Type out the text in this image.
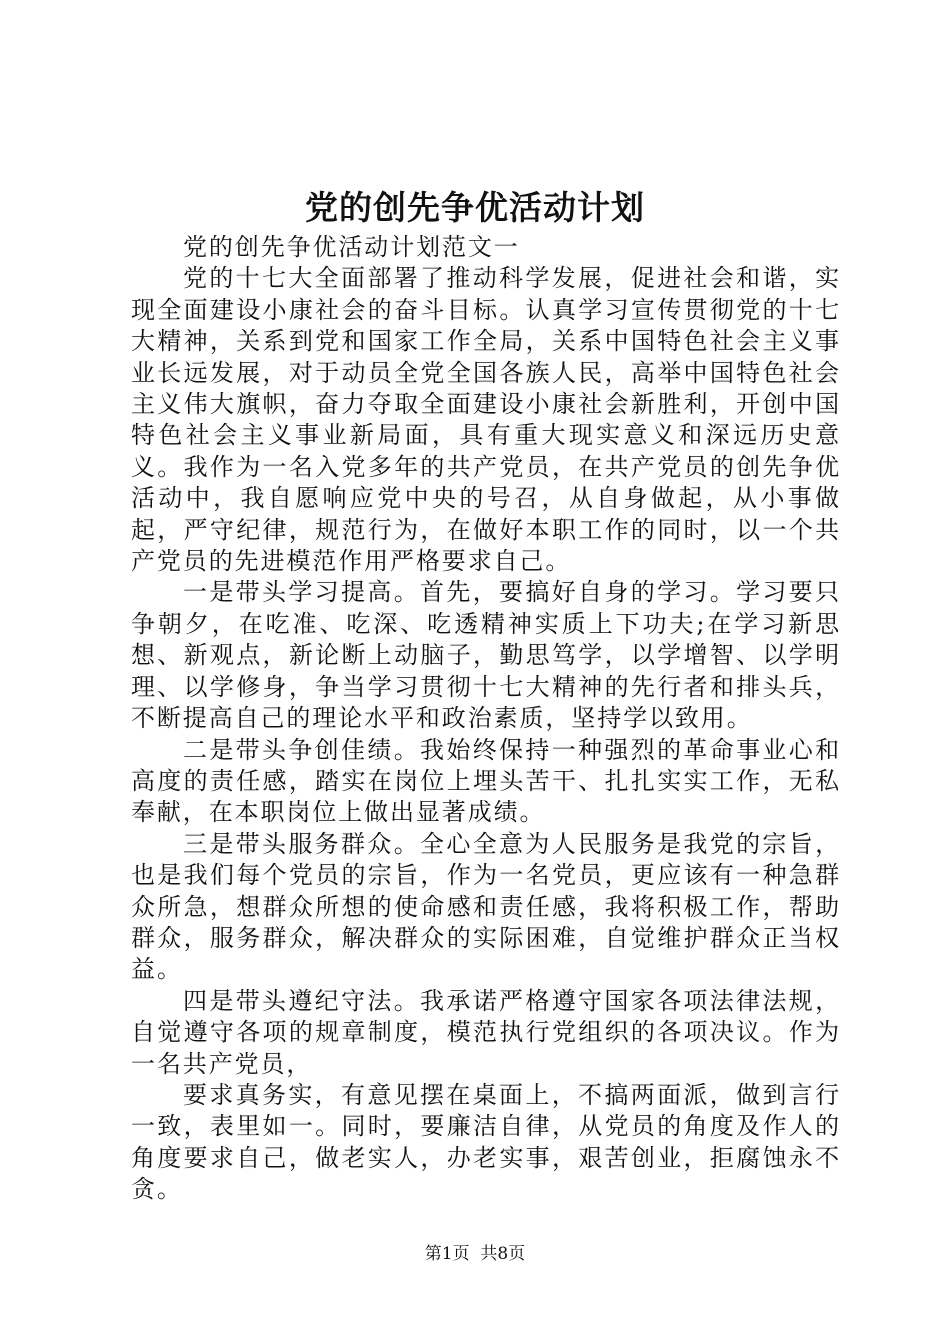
党的创先争优活动计划

党的创先争优活动计划范文一

党的十七大全面部署了推动科学发展，促进社会和谐，实现全面建设小康社会的奋斗目标。认真学习宣传贯彻党的十七大精神，关系到党和国家工作全局，关系中国特色社会主义事业长远发展，对于动员全党全国各族人民，高举中国特色社会主义伟大旗帜，奋力夺取全面建设小康社会新胜利，开创中国特色社会主义事业新局面，具有重大现实意义和深远历史意义。我作为一名入党多年的共产党员，在共产党员的创先争优活动中，我自愿响应党中央的号召，从自身做起，从小事做起，严守纪律，规范行为，在做好本职工作的同时，以一个共产党员的先进模范作用严格要求自己。

一是带头学习提高。首先，要搞好自身的学习。学习要只争朝夕，在吃准、吃深、吃透精神实质上下功夫;在学习新思想、新观点，新论断上动脑子，勤思笃学，以学增智、以学明理、以学修身，争当学习贯彻十七大精神的先行者和排头兵，不断提高自己的理论水平和政治素质，坚持学以致用。

二是带头争创佳绩。我始终保持一种强烈的革命事业心和高度的责任感，踏实在岗位上埋头苦干、扎扎实实工作，无私奉献，在本职岗位上做出显著成绩。

三是带头服务群众。全心全意为人民服务是我党的宗旨，也是我们每个党员的宗旨，作为一名党员，更应该有一种急群众所急，想群众所想的使命感和责任感，我将积极工作，帮助群众，服务群众，解决群众的实际困难，自觉维护群众正当权益。

四是带头遵纪守法。我承诺严格遵守国家各项法律法规，自觉遵守各项的规章制度，模范执行党组织的各项决议。作为一名共产党员，

要求真务实，有意见摆在桌面上，不搞两面派，做到言行一致，表里如一。同时，要廉洁自律，从党员的角度及作人的角度要求自己，做老实人，办老实事，艰苦创业，拒腐蚀永不贪。

第1页  共8页
